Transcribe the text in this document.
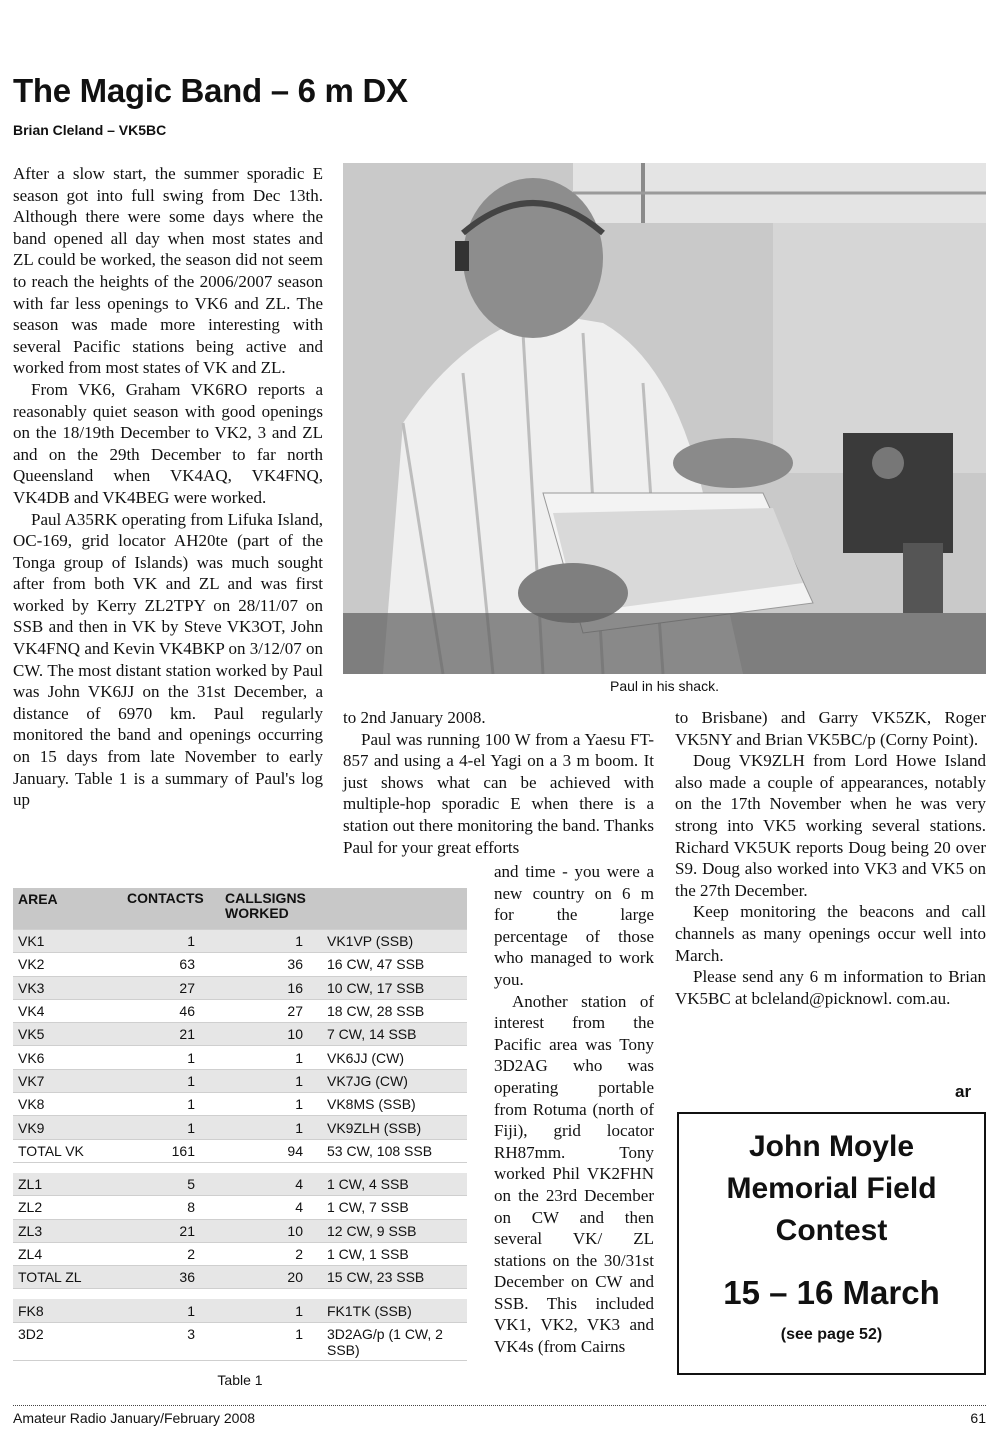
The Magic Band – 6 m DX
Brian Cleland – VK5BC

After a slow start, the summer sporadic E season got into full swing from Dec 13th. Although there were some days where the band opened all day when most states and ZL could be worked, the season did not seem to reach the heights of the 2006/2007 season with far less openings to VK6 and ZL. The season was made more interesting with several Pacific stations being active and worked from most states of VK and ZL.

From VK6, Graham VK6RO reports a reasonably quiet season with good openings on the 18/19th December to VK2, 3 and ZL and on the 29th December to far north Queensland when VK4AQ, VK4FNQ, VK4DB and VK4BEG were worked.

Paul A35RK operating from Lifuka Island, OC-169, grid locator AH20te (part of the Tonga group of Islands) was much sought after from both VK and ZL and was first worked by Kerry ZL2TPY on 28/11/07 on SSB and then in VK by Steve VK3OT, John VK4FNQ and Kevin VK4BKP on 3/12/07 on CW. The most distant station worked by Paul was John VK6JJ on the 31st December, a distance of 6970 km. Paul regularly monitored the band and openings occurring on 15 days from late November to early January. Table 1 is a summary of Paul's log up

Paul in his shack.

to 2nd January 2008.

Paul was running 100 W from a Yaesu FT-857 and using a 4-el Yagi on a 3 m boom. It just shows what can be achieved with multiple-hop sporadic E when there is a station out there monitoring the band. Thanks Paul for your great efforts

and time - you were a new country on 6 m for the large percentage of those who managed to work you.

Another station of interest from the Pacific area was Tony 3D2AG who was operating portable from Rotuma (north of Fiji), grid locator RH87mm. Tony worked Phil VK2FHN on the 23rd December on CW and then several VK/ ZL stations on the 30/31st December on CW and SSB. This included VK1, VK2, VK3 and VK4s (from Cairns

to Brisbane) and Garry VK5ZK, Roger VK5NY and Brian VK5BC/p (Corny Point).

Doug VK9ZLH from Lord Howe Island also made a couple of appearances, notably on the 17th November when he was very strong into VK5 working several stations. Richard VK5UK reports Doug being 20 over S9. Doug also worked into VK3 and VK5 on the 27th December.

Keep monitoring the beacons and call channels as many openings occur well into March.

Please send any 6 m information to Brian VK5BC at bcleland@picknowl. com.au.

ar
AREA	CONTACTS	CALLSIGNS WORKED
VK1	1	1	VK1VP (SSB)
VK2	63	36	16 CW, 47 SSB
VK3	27	16	10 CW, 17 SSB
VK4	46	27	18 CW, 28 SSB
VK5	21	10	7 CW, 14 SSB
VK6	1	1	VK6JJ (CW)
VK7	1	1	VK7JG (CW)
VK8	1	1	VK8MS (SSB)
VK9	1	1	VK9ZLH (SSB)
TOTAL VK	161	94	53 CW, 108 SSB
ZL1	5	4	1 CW, 4 SSB
ZL2	8	4	1 CW, 7 SSB
ZL3	21	10	12 CW, 9 SSB
ZL4	2	2	1 CW, 1 SSB
TOTAL ZL	36	20	15 CW, 23 SSB
FK8	1	1	FK1TK (SSB)
3D2	3	1	3D2AG/p (1 CW, 2 SSB)
Table 1
John Moyle
Memorial Field
Contest
15 – 16 March
(see page 52)
Amateur Radio January/February 2008	61
